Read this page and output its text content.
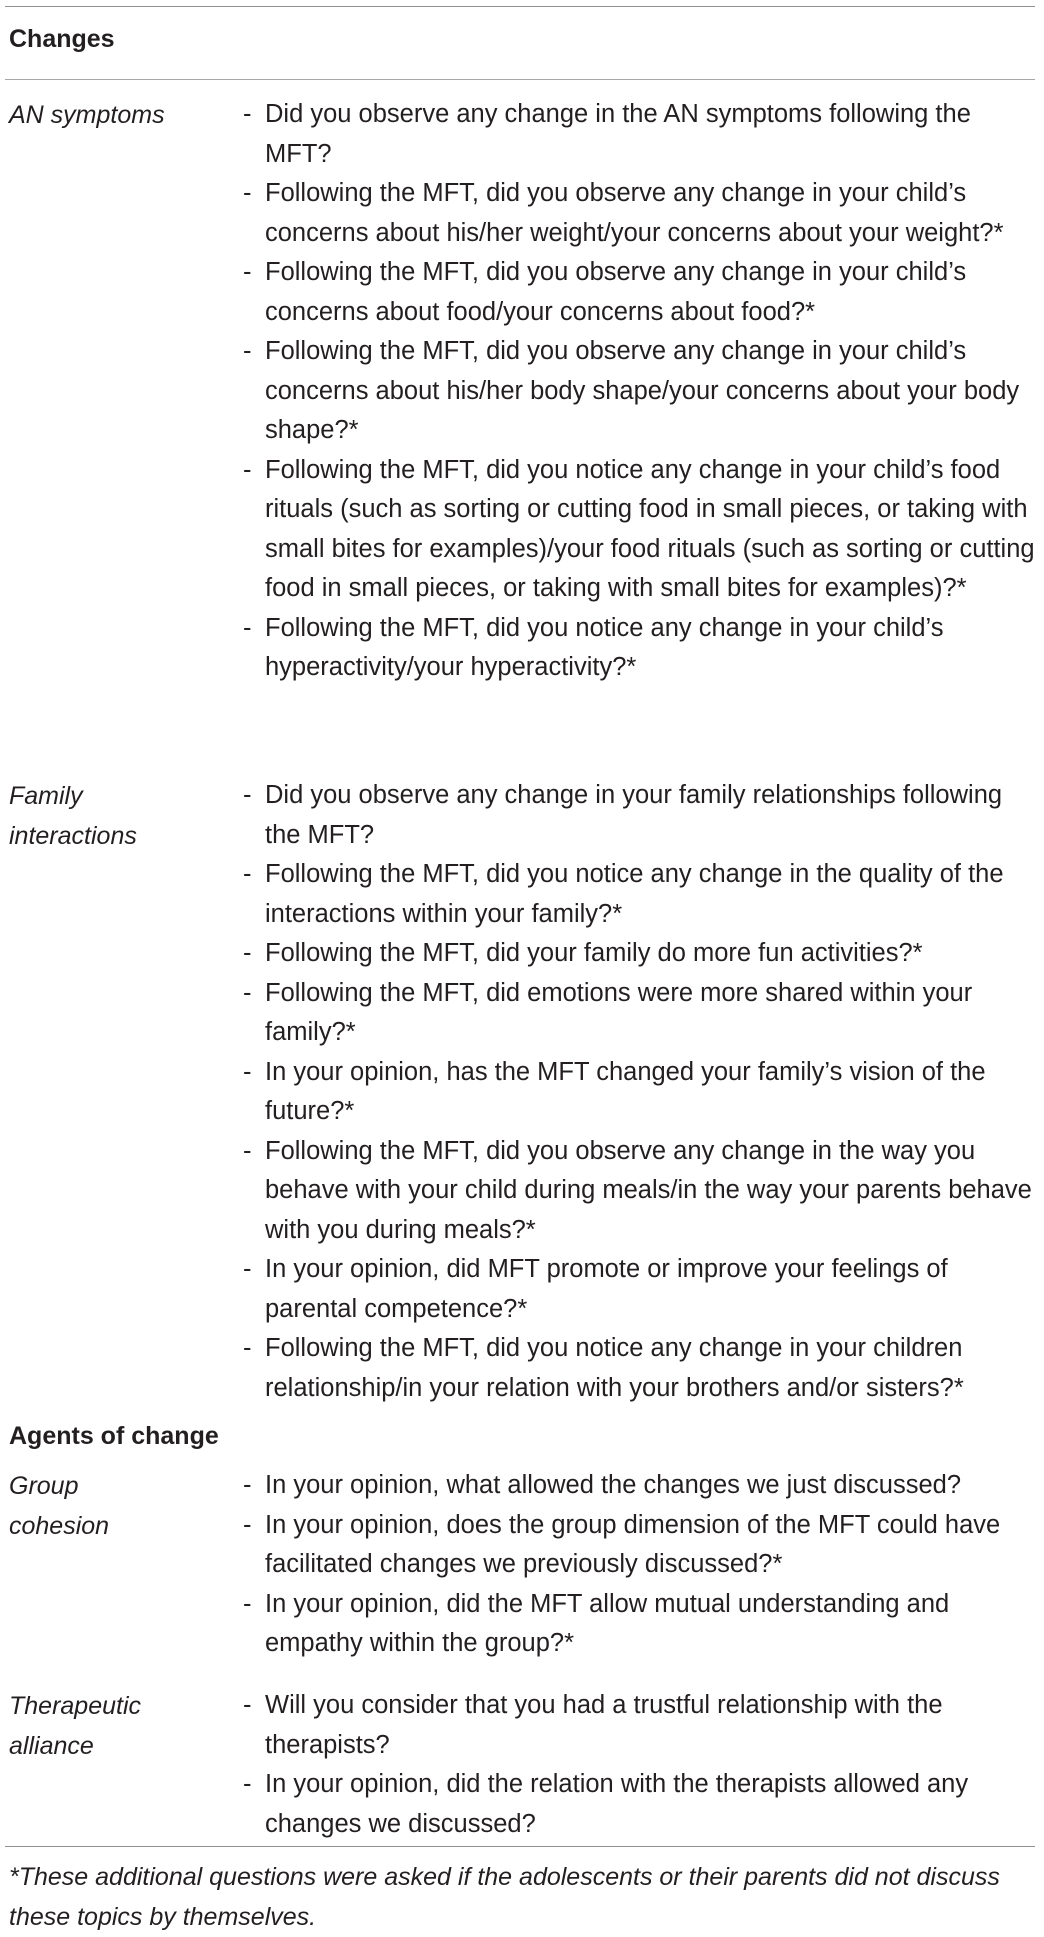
Changes
AN symptoms	- Did you observe any change in the AN symptoms following the MFT?
- Following the MFT, did you observe any change in your child’s concerns about his/her weight/your concerns about your weight?*
- Following the MFT, did you observe any change in your child’s concerns about food/your concerns about food?*
- Following the MFT, did you observe any change in your child’s concerns about his/her body shape/your concerns about your body shape?*
- Following the MFT, did you notice any change in your child’s food rituals (such as sorting or cutting food in small pieces, or taking with small bites for examples)/your food rituals (such as sorting or cutting food in small pieces, or taking with small bites for examples)?*
- Following the MFT, did you notice any change in your child’s hyperactivity/your hyperactivity?*
Family interactions
- Did you observe any change in your family relationships following the MFT?
- Following the MFT, did you notice any change in the quality of the interactions within your family?*
- Following the MFT, did your family do more fun activities?*
- Following the MFT, did emotions were more shared within your family?*
- In your opinion, has the MFT changed your family’s vision of the future?*
- Following the MFT, did you observe any change in the way you behave with your child during meals/in the way your parents behave with you during meals?*
- In your opinion, did MFT promote or improve your feelings of parental competence?*
- Following the MFT, did you notice any change in your children relationship/in your relation with your brothers and/or sisters?*
Agents of change
Group cohesion
- In your opinion, what allowed the changes we just discussed?
- In your opinion, does the group dimension of the MFT could have facilitated changes we previously discussed?*
- In your opinion, did the MFT allow mutual understanding and empathy within the group?*
Therapeutic alliance
- Will you consider that you had a trustful relationship with the therapists?
- In your opinion, did the relation with the therapists allowed any changes we discussed?
*These additional questions were asked if the adolescents or their parents did not discuss these topics by themselves.
